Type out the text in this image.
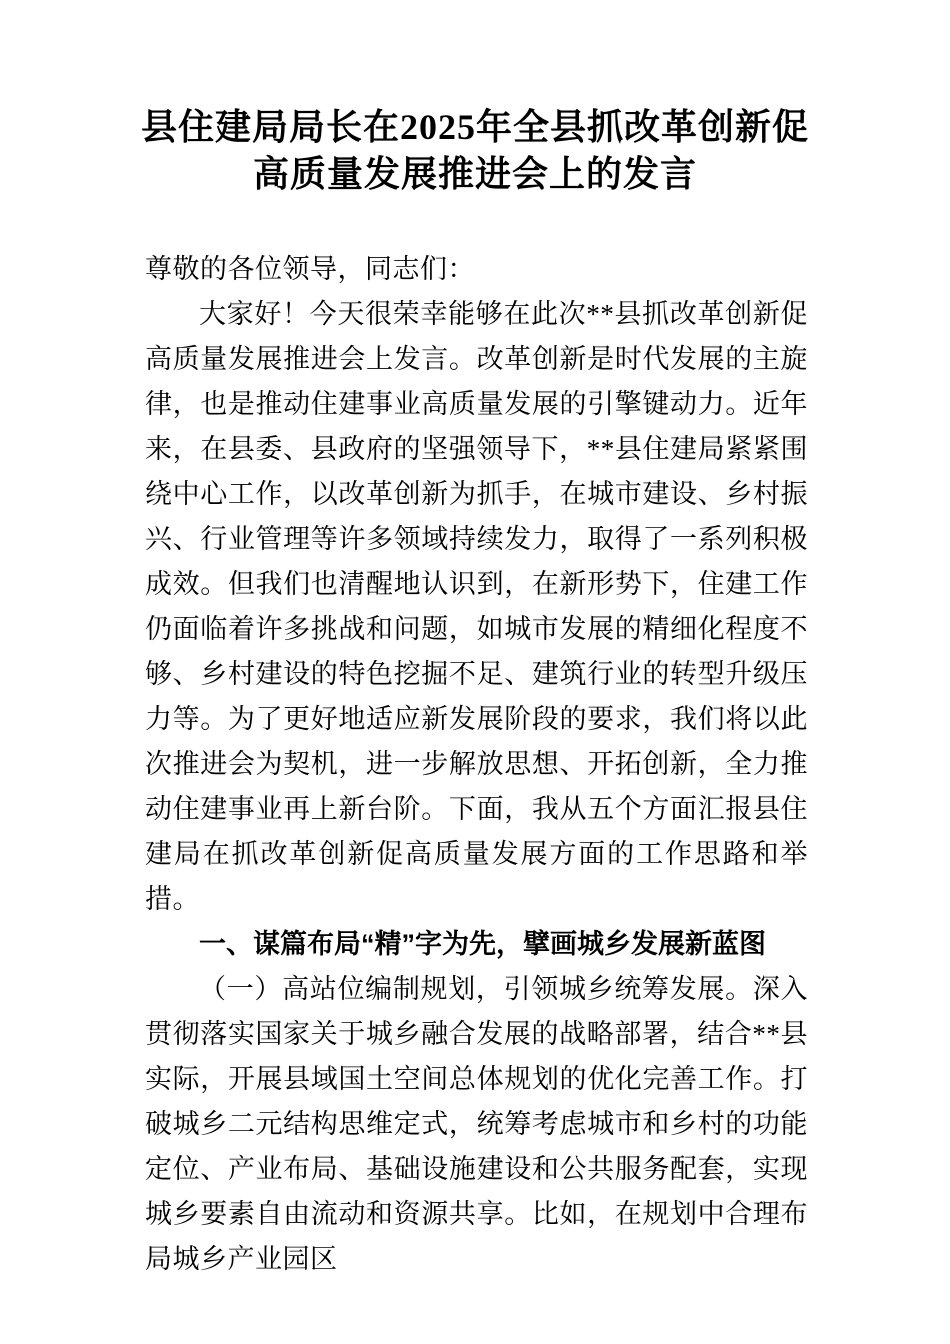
县住建局局长在2025年全县抓改革创新促
高质量发展推进会上的发言

尊敬的各位领导，同志们：

大家好！今天很荣幸能够在此次**县抓改革创新促高质量发展推进会上发言。改革创新是时代发展的主旋律，也是推动住建事业高质量发展的引擎键动力。近年来，在县委、县政府的坚强领导下，**县住建局紧紧围绕中心工作，以改革创新为抓手，在城市建设、乡村振兴、行业管理等许多领域持续发力，取得了一系列积极成效。但我们也清醒地认识到，在新形势下，住建工作仍面临着许多挑战和问题，如城市发展的精细化程度不够、乡村建设的特色挖掘不足、建筑行业的转型升级压力等。为了更好地适应新发展阶段的要求，我们将以此次推进会为契机，进一步解放思想、开拓创新，全力推动住建事业再上新台阶。下面，我从五个方面汇报县住建局在抓改革创新促高质量发展方面的工作思路和举措。

一、谋篇布局“精”字为先，擘画城乡发展新蓝图

（一）高站位编制规划，引领城乡统筹发展。深入贯彻落实国家关于城乡融合发展的战略部署，结合**县实际，开展县域国土空间总体规划的优化完善工作。打破城乡二元结构思维定式，统筹考虑城市和乡村的功能定位、产业布局、基础设施建设和公共服务配套，实现城乡要素自由流动和资源共享。比如，在规划中合理布局城乡产业园区
